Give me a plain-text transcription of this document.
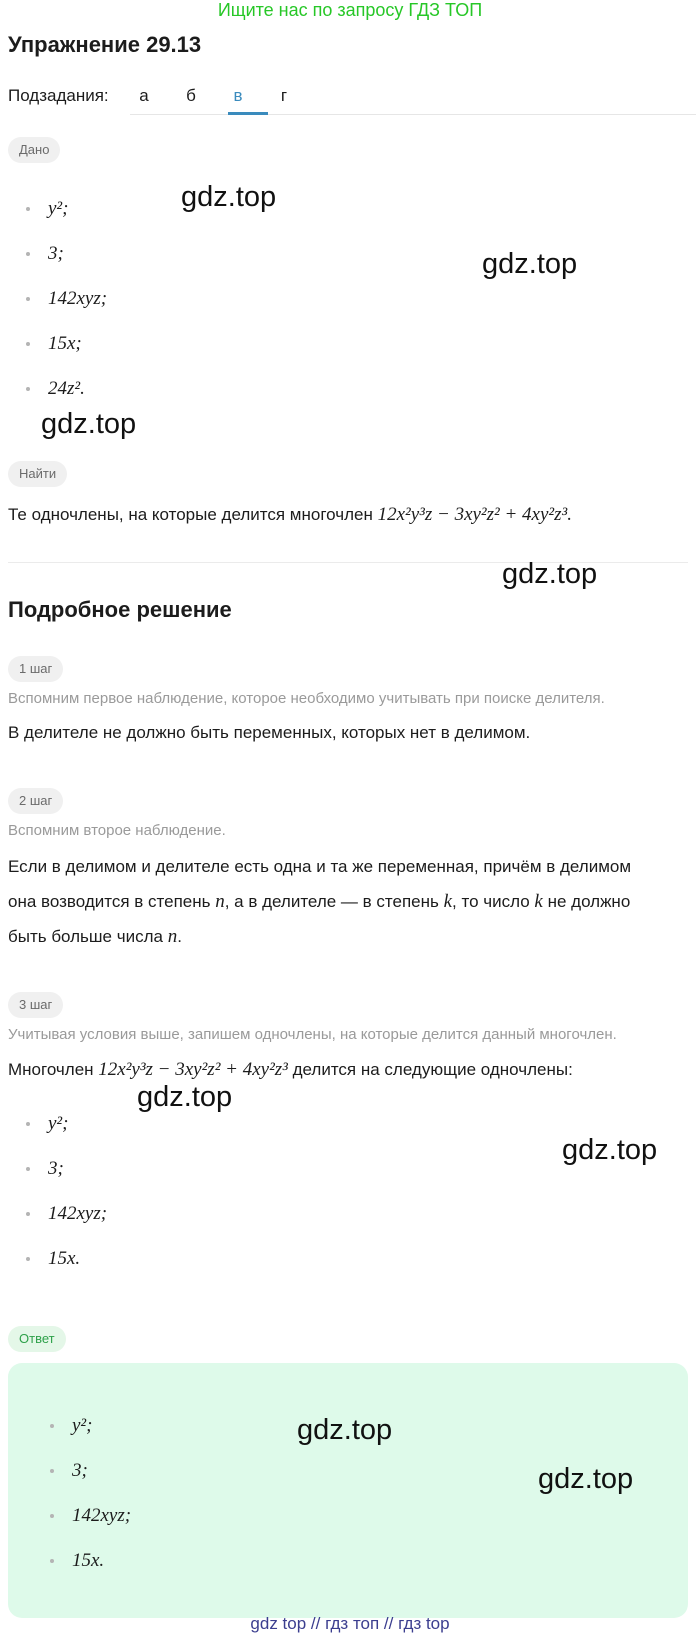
Ищите нас по запросу ГДЗ ТОП
Упражнение 29.13
Подзадания:	а	б	в	г
Дано
y²;
3;
142xyz;
15x;
24z².
Найти
Те одночлены, на которые делится многочлен 12x²y³z − 3xy²z² + 4xy²z³.
Подробное решение
1 шаг
Вспомним первое наблюдение, которое необходимо учитывать при поиске делителя.
В делителе не должно быть переменных, которых нет в делимом.
2 шаг
Вспомним второе наблюдение.
Если в делимом и делителе есть одна и та же переменная, причём в делимом
она возводится в степень n, а в делителе — в степень k, то число k не должно
быть больше числа n.
3 шаг
Учитывая условия выше, запишем одночлены, на которые делится данный многочлен.
Многочлен 12x²y³z − 3xy²z² + 4xy²z³ делится на следующие одночлены:
y²;
3;
142xyz;
15x.
Ответ
y²;
3;
142xyz;
15x.
gdz.top
gdz.top
gdz.top
gdz.top
gdz.top
gdz.top
gdz.top
gdz.top
gdz top // гдз топ // гдз top
